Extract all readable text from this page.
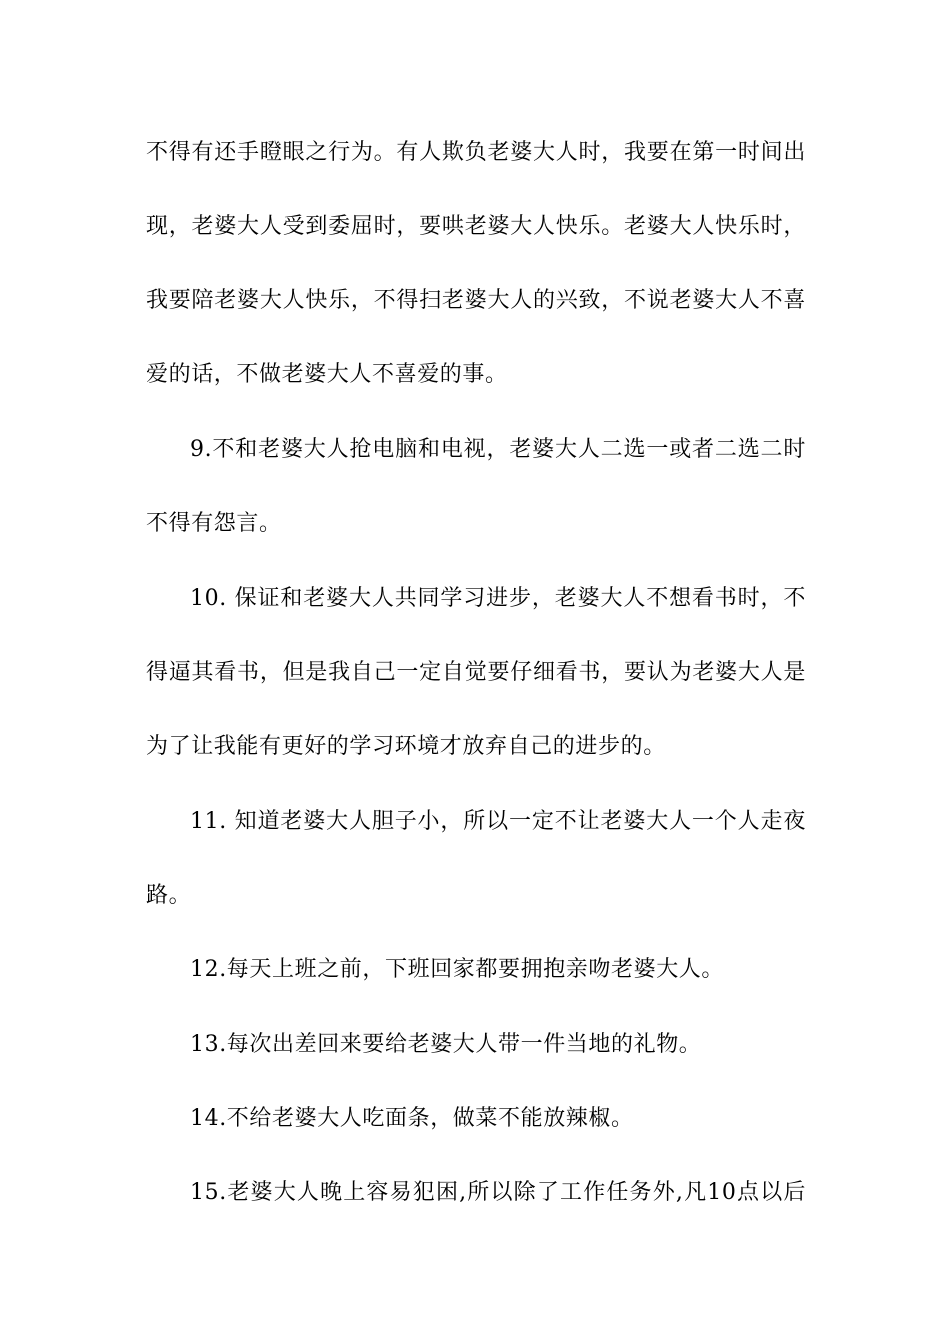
不得有还手瞪眼之行为。有人欺负老婆大人时，我要在第一时间出
现，老婆大人受到委屈时，要哄老婆大人快乐。老婆大人快乐时，
我要陪老婆大人快乐，不得扫老婆大人的兴致，不说老婆大人不喜
爱的话，不做老婆大人不喜爱的事。
9.不和老婆大人抢电脑和电视，老婆大人二选一或者二选二时
不得有怨言。
10. 保证和老婆大人共同学习进步，老婆大人不想看书时，不
得逼其看书，但是我自己一定自觉要仔细看书，要认为老婆大人是
为了让我能有更好的学习环境才放弃自己的进步的。
11. 知道老婆大人胆子小，所以一定不让老婆大人一个人走夜
路。
12.每天上班之前，下班回家都要拥抱亲吻老婆大人。
13.每次出差回来要给老婆大人带一件当地的礼物。
14.不给老婆大人吃面条，做菜不能放辣椒。
15.老婆大人晚上容易犯困,所以除了工作任务外,凡10点以后
